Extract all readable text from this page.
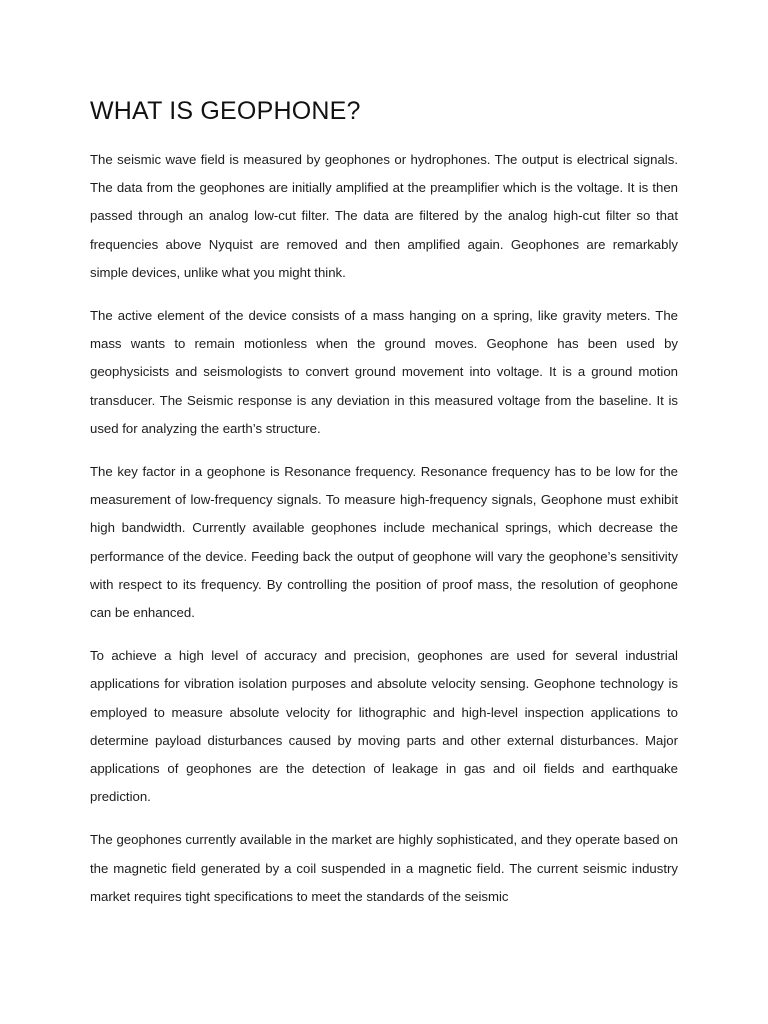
WHAT IS GEOPHONE?

The seismic wave field is measured by geophones or hydrophones. The output is electrical signals. The data from the geophones are initially amplified at the preamplifier which is the voltage. It is then passed through an analog low-cut filter. The data are filtered by the analog high-cut filter so that frequencies above Nyquist are removed and then amplified again. Geophones are remarkably simple devices, unlike what you might think.

The active element of the device consists of a mass hanging on a spring, like gravity meters. The mass wants to remain motionless when the ground moves. Geophone has been used by geophysicists and seismologists to convert ground movement into voltage. It is a ground motion transducer. The Seismic response is any deviation in this measured voltage from the baseline. It is used for analyzing the earth’s structure.

The key factor in a geophone is Resonance frequency. Resonance frequency has to be low for the measurement of low-frequency signals. To measure high-frequency signals, Geophone must exhibit high bandwidth. Currently available geophones include mechanical springs, which decrease the performance of the device. Feeding back the output of geophone will vary the geophone’s sensitivity with respect to its frequency. By controlling the position of proof mass, the resolution of geophone can be enhanced.

To achieve a high level of accuracy and precision, geophones are used for several industrial applications for vibration isolation purposes and absolute velocity sensing. Geophone technology is employed to measure absolute velocity for lithographic and high-level inspection applications to determine payload disturbances caused by moving parts and other external disturbances. Major applications of geophones are the detection of leakage in gas and oil fields and earthquake prediction.

The geophones currently available in the market are highly sophisticated, and they operate based on the magnetic field generated by a coil suspended in a magnetic field. The current seismic industry market requires tight specifications to meet the standards of the seismic
